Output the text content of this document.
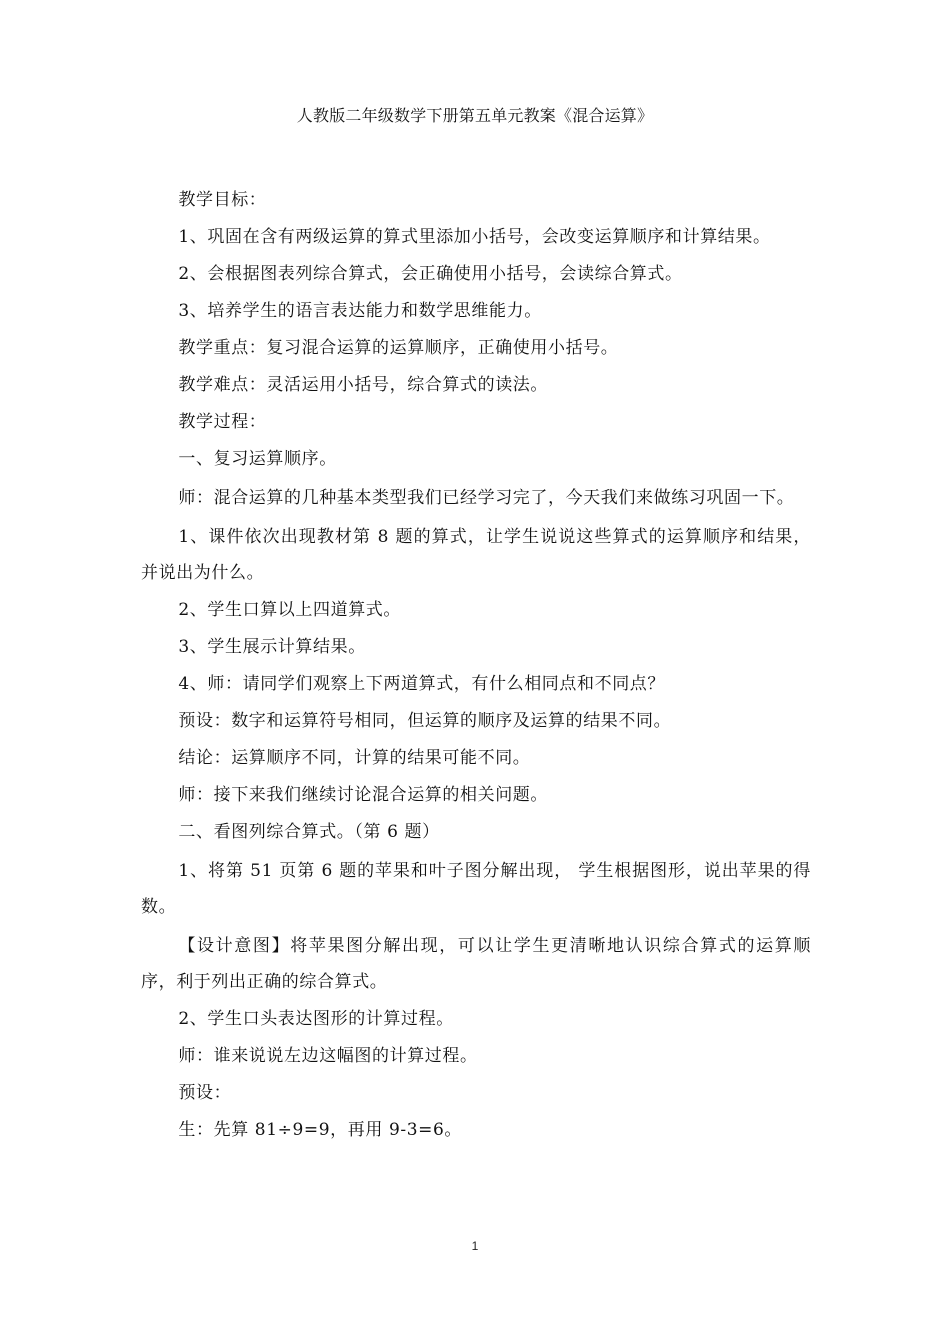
人教版二年级数学下册第五单元教案《混合运算》

教学目标：

1、巩固在含有两级运算的算式里添加小括号，会改变运算顺序和计算结果。

2、会根据图表列综合算式，会正确使用小括号，会读综合算式。

3、培养学生的语言表达能力和数学思维能力。

教学重点：复习混合运算的运算顺序，正确使用小括号。

教学难点：灵活运用小括号，综合算式的读法。

教学过程：

一、复习运算顺序。

师：混合运算的几种基本类型我们已经学习完了，今天我们来做练习巩固一下。

1、课件依次出现教材第 8 题的算式，让学生说说这些算式的运算顺序和结果，并说出为什么。

2、学生口算以上四道算式。

3、学生展示计算结果。

4、师：请同学们观察上下两道算式，有什么相同点和不同点？

预设：数字和运算符号相同，但运算的顺序及运算的结果不同。

结论：运算顺序不同，计算的结果可能不同。

师：接下来我们继续讨论混合运算的相关问题。

二、看图列综合算式。（第 6 题）

1、将第 51 页第 6 题的苹果和叶子图分解出现， 学生根据图形，说出苹果的得数。

【设计意图】将苹果图分解出现，可以让学生更清晰地认识综合算式的运算顺序，利于列出正确的综合算式。

2、学生口头表达图形的计算过程。

师：谁来说说左边这幅图的计算过程。

预设：

生：先算 81÷9=9，再用 9-3=6。

1
